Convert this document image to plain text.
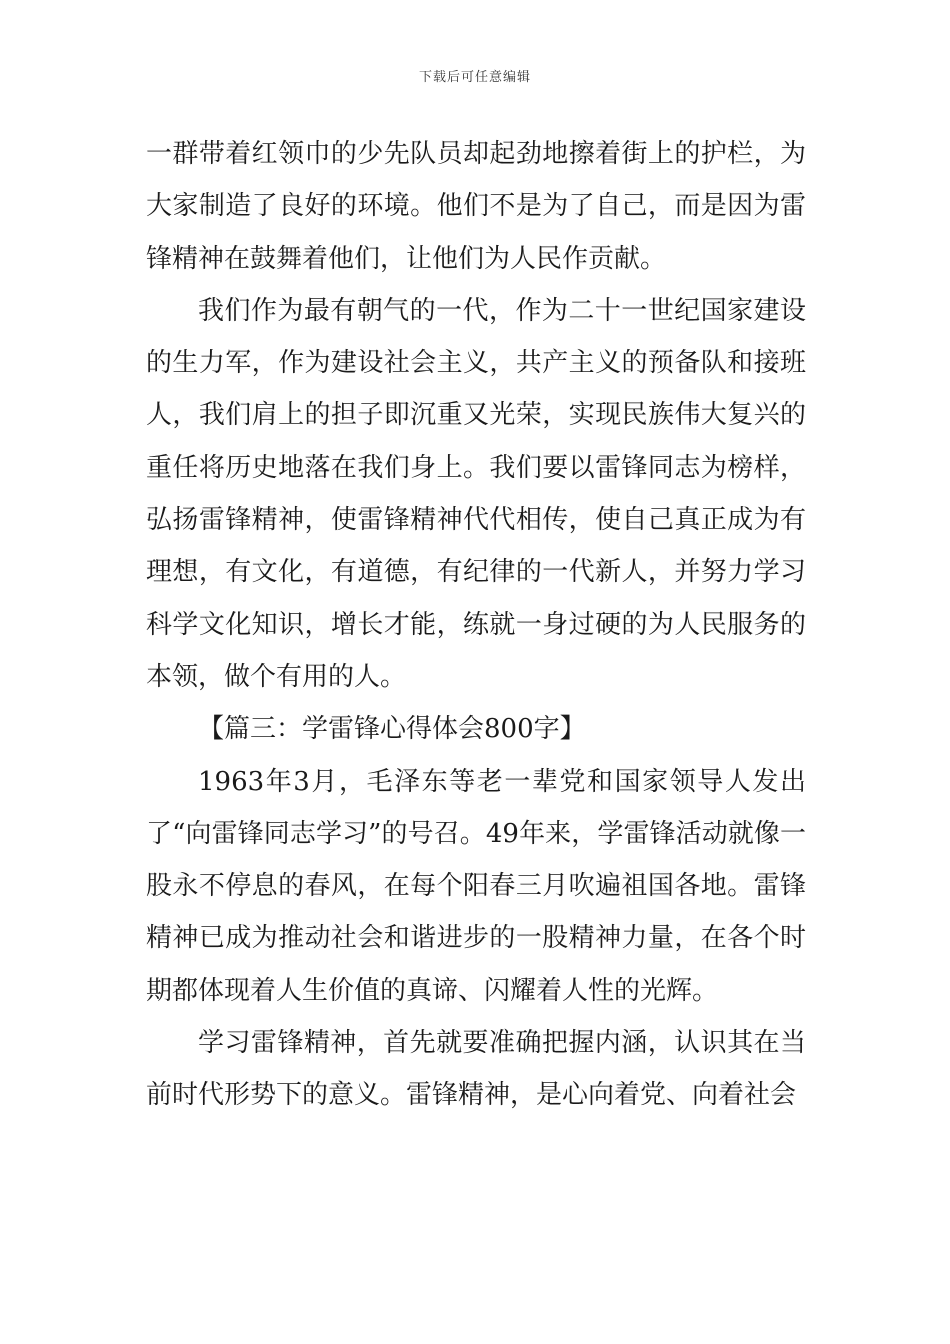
下载后可任意编辑

一群带着红领巾的少先队员却起劲地擦着街上的护栏，为大家制造了良好的环境。他们不是为了自己，而是因为雷锋精神在鼓舞着他们，让他们为人民作贡献。

我们作为最有朝气的一代，作为二十一世纪国家建设的生力军，作为建设社会主义，共产主义的预备队和接班人，我们肩上的担子即沉重又光荣，实现民族伟大复兴的重任将历史地落在我们身上。我们要以雷锋同志为榜样，弘扬雷锋精神，使雷锋精神代代相传，使自己真正成为有理想，有文化，有道德，有纪律的一代新人，并努力学习科学文化知识，增长才能，练就一身过硬的为人民服务的本领，做个有用的人。

【篇三：学雷锋心得体会800字】

1963年3月，毛泽东等老一辈党和国家领导人发出了“向雷锋同志学习”的号召。49年来，学雷锋活动就像一股永不停息的春风，在每个阳春三月吹遍祖国各地。雷锋精神已成为推动社会和谐进步的一股精神力量，在各个时期都体现着人生价值的真谛、闪耀着人性的光辉。

学习雷锋精神，首先就要准确把握内涵，认识其在当前时代形势下的意义。雷锋精神，是心向着党、向着社会
